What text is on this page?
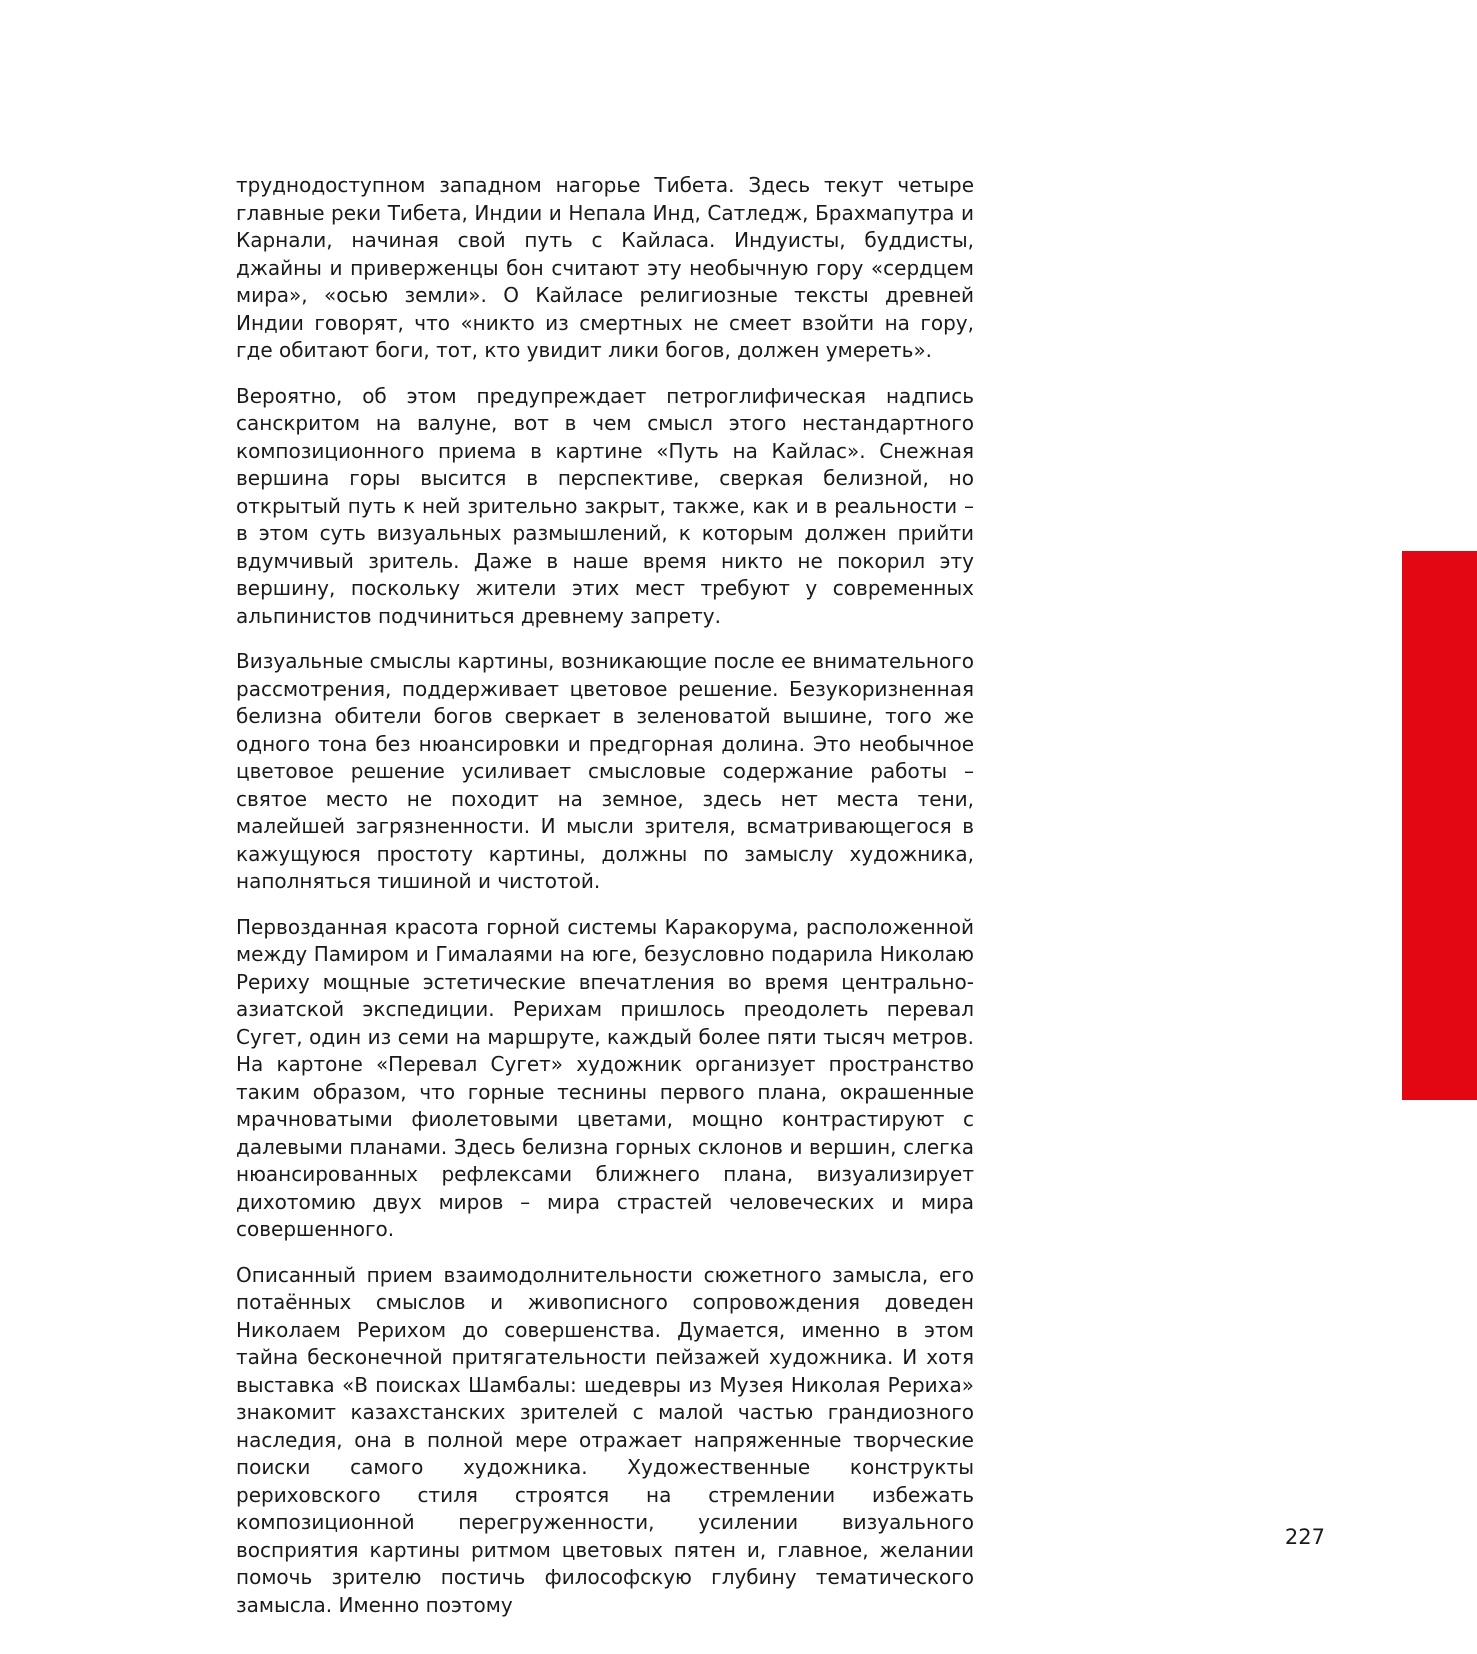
труднодоступном западном нагорье Тибета. Здесь текут четыре главные реки Тибета, Индии и Непала Инд, Сатледж, Брахмапутра и Карнали, начиная свой путь с Кайласа. Индуисты, буддисты, джайны и приверженцы бон считают эту необычную гору «сердцем мира», «осью земли». О Кайласе религиозные тексты древней Индии говорят, что «никто из смертных не смеет взойти на гору, где обитают боги, тот, кто увидит лики богов, должен умереть».

Вероятно, об этом предупреждает петроглифическая надпись санскритом на валуне, вот в чем смысл этого нестандартного композиционного приема в картине «Путь на Кайлас». Снежная вершина горы высится в перспективе, сверкая белизной, но открытый путь к ней зрительно закрыт, также, как и в реальности – в этом суть визуальных размышлений, к которым должен прийти вдумчивый зритель. Даже в наше время никто не покорил эту вершину, поскольку жители этих мест требуют у современных альпинистов подчиниться древнему запрету.

Визуальные смыслы картины, возникающие после ее внимательного рассмотрения, поддерживает цветовое решение. Безукоризненная белизна обители богов сверкает в зеленоватой вышине, того же одного тона без нюансировки и предгорная долина. Это необычное цветовое решение усиливает смысловые содержание работы – святое место не походит на земное, здесь нет места тени, малейшей загрязненности. И мысли зрителя, всматривающегося в кажущуюся простоту картины, должны по замыслу художника, наполняться тишиной и чистотой.

Первозданная красота горной системы Каракорума, расположенной между Памиром и Гималаями на юге, безусловно подарила Николаю Рериху мощные эстетические впечатления во время центрально-азиатской экспедиции. Рерихам пришлось преодолеть перевал Сугет, один из семи на маршруте, каждый более пяти тысяч метров. На картоне «Перевал Сугет» художник организует пространство таким образом, что горные теснины первого плана, окрашенные мрачноватыми фиолетовыми цветами, мощно контрастируют с далевыми планами. Здесь белизна горных склонов и вершин, слегка нюансированных рефлексами ближнего плана, визуализирует дихотомию двух миров – мира страстей человеческих и мира совершенного.

Описанный прием взаимодолнительности сюжетного замысла, его потаённых смыслов и живописного сопровождения доведен Николаем Рерихом до совершенства. Думается, именно в этом тайна бесконечной притягательности пейзажей художника. И хотя выставка «В поисках Шамбалы: шедевры из Музея Николая Рериха» знакомит казахстанских зрителей с малой частью грандиозного наследия, она в полной мере отражает напряженные творческие поиски самого художника. Художественные конструкты рериховского стиля строятся на стремлении избежать композиционной перегруженности, усилении визуального восприятия картины ритмом цветовых пятен и, главное, желании помочь зрителю постичь философскую глубину тематического замысла. Именно поэтому

227
